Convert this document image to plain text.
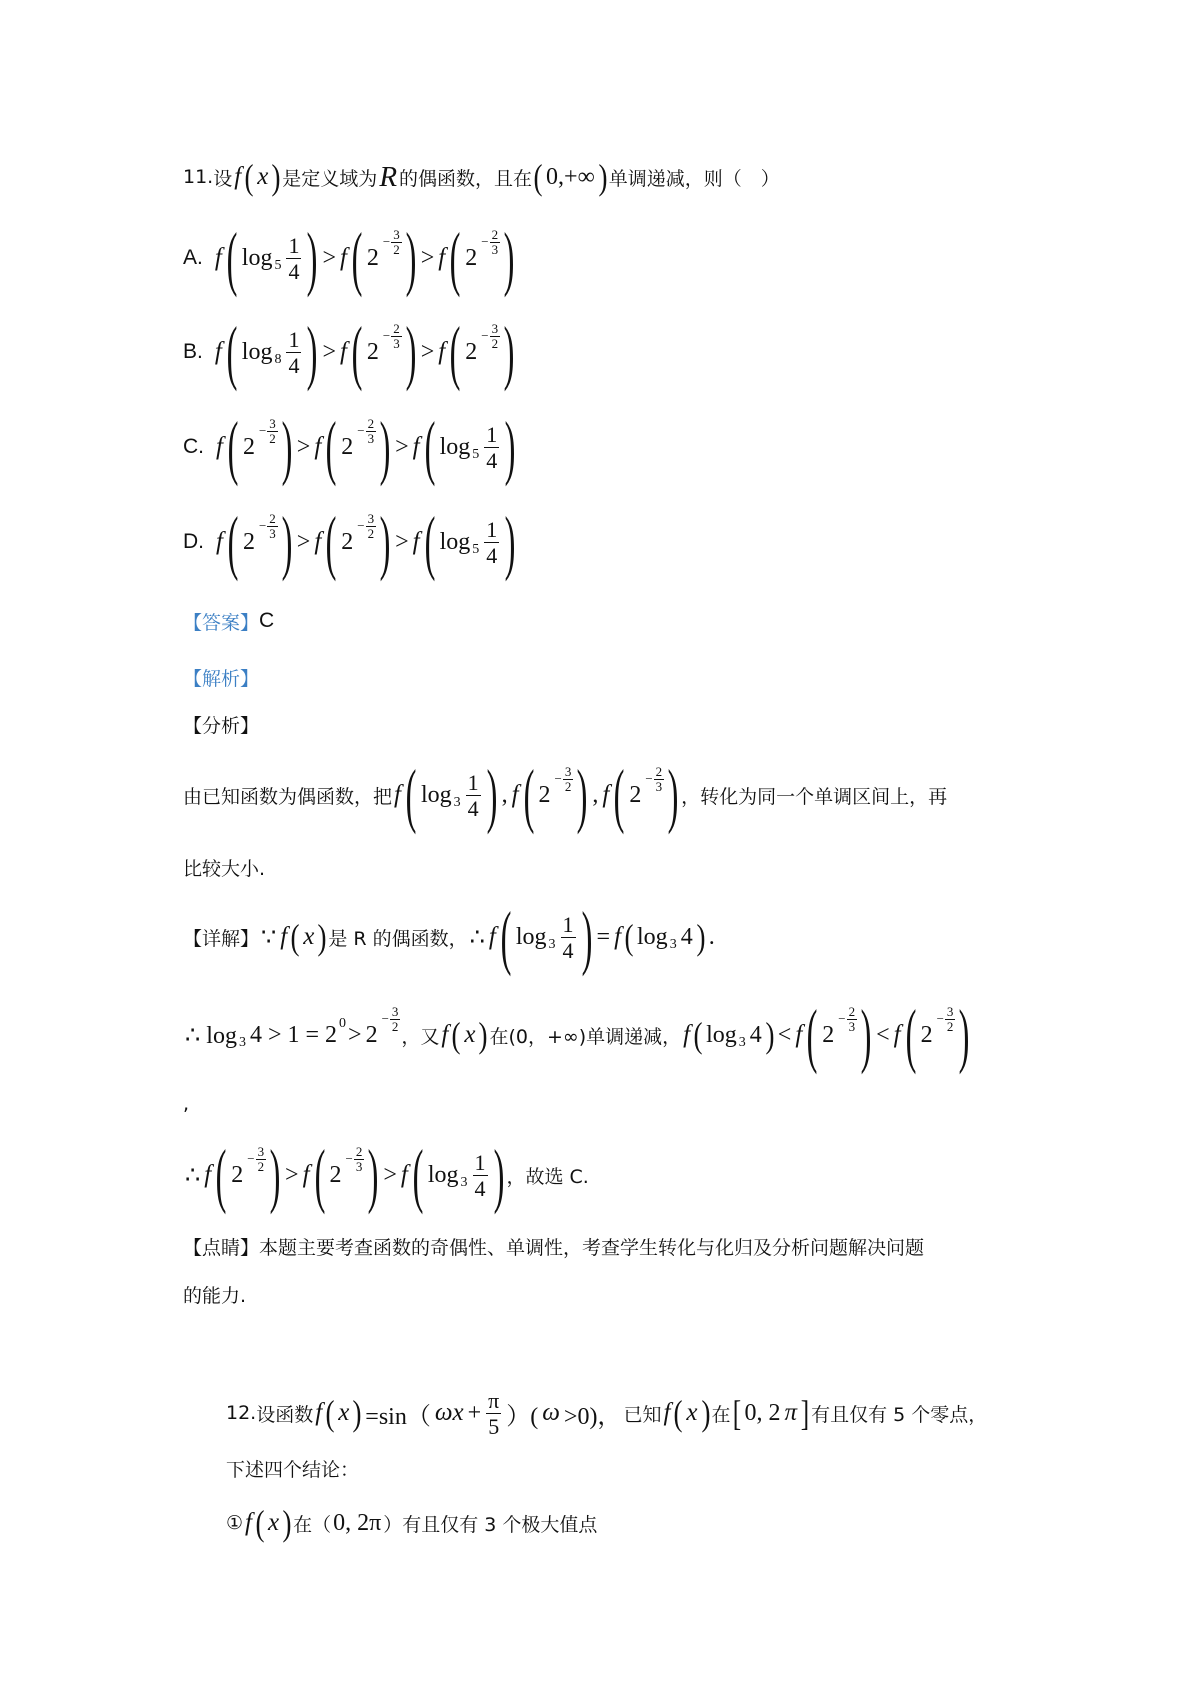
11. 设 f ( x ) 是定义域为 R 的偶函数，且在 ( 0,+∞ ) 单调递减，则（　）
A. f ( $\log 5 \frac{1}{4}$ ) > f ( 2
− $\frac{3}{2}$ ) > f ( 2
− $\frac{2}{3}$ )
B. f ( $\log 8 \frac{1}{4}$ ) > f ( 2
− $\frac{2}{3}$ ) > f ( 2
− $\frac{3}{2}$ )
C. f ( 2
− $\frac{3}{2}$ ) > f ( 2
− $\frac{2}{3}$ ) > f ( $\log 5 \frac{1}{4}$ )
D. f ( 2
− $\frac{2}{3}$ ) > f ( 2
− $\frac{3}{2}$ ) > f ( $\log 5 \frac{1}{4}$ )
【答案】 C
【解析】
【分析】
由已知函数为偶函数，把 f ( $\log 3 \frac{1}{4}$ ) , f ( 2
− $\frac{3}{2}$ ) , f ( 2
− $\frac{2}{3}$ ) ，转化为同一个单调区间上，再
比较大小.
【详解】 ∵ f ( x ) 是 R 的偶函数， ∴ f ( $\log 3 \frac{1}{4}$ ) = f ( log 3 4 ) .
∴ log 3 4 > 1 = 2 0 > 2
− $\frac{3}{2}$
，又 f ( x ) 在(0，+∞)单调递减， f ( log 3 4 ) < f ( 2
− $\frac{2}{3}$ ) < f ( 2
− $\frac{3}{2}$ )
,
∴ f ( 2
− $\frac{3}{2}$ ) > f ( 2
− $\frac{2}{3}$ ) > f ( $\log 3 \frac{1}{4}$ ) ，故选 C.
【点睛】本题主要考查函数的奇偶性、单调性，考查学生转化与化归及分析问题解决问题
的能力.
12. 设函数 f ( x ) =sin（ $\omega x + \frac{\pi}{5}$ ）( ω >0)， 已知 f ( x ) 在 [ 0, 2 π ] 有且仅有 5 个零点，
下述四个结论：
① f ( x ) 在（ 0, 2π ）有且仅有 3 个极大值点
